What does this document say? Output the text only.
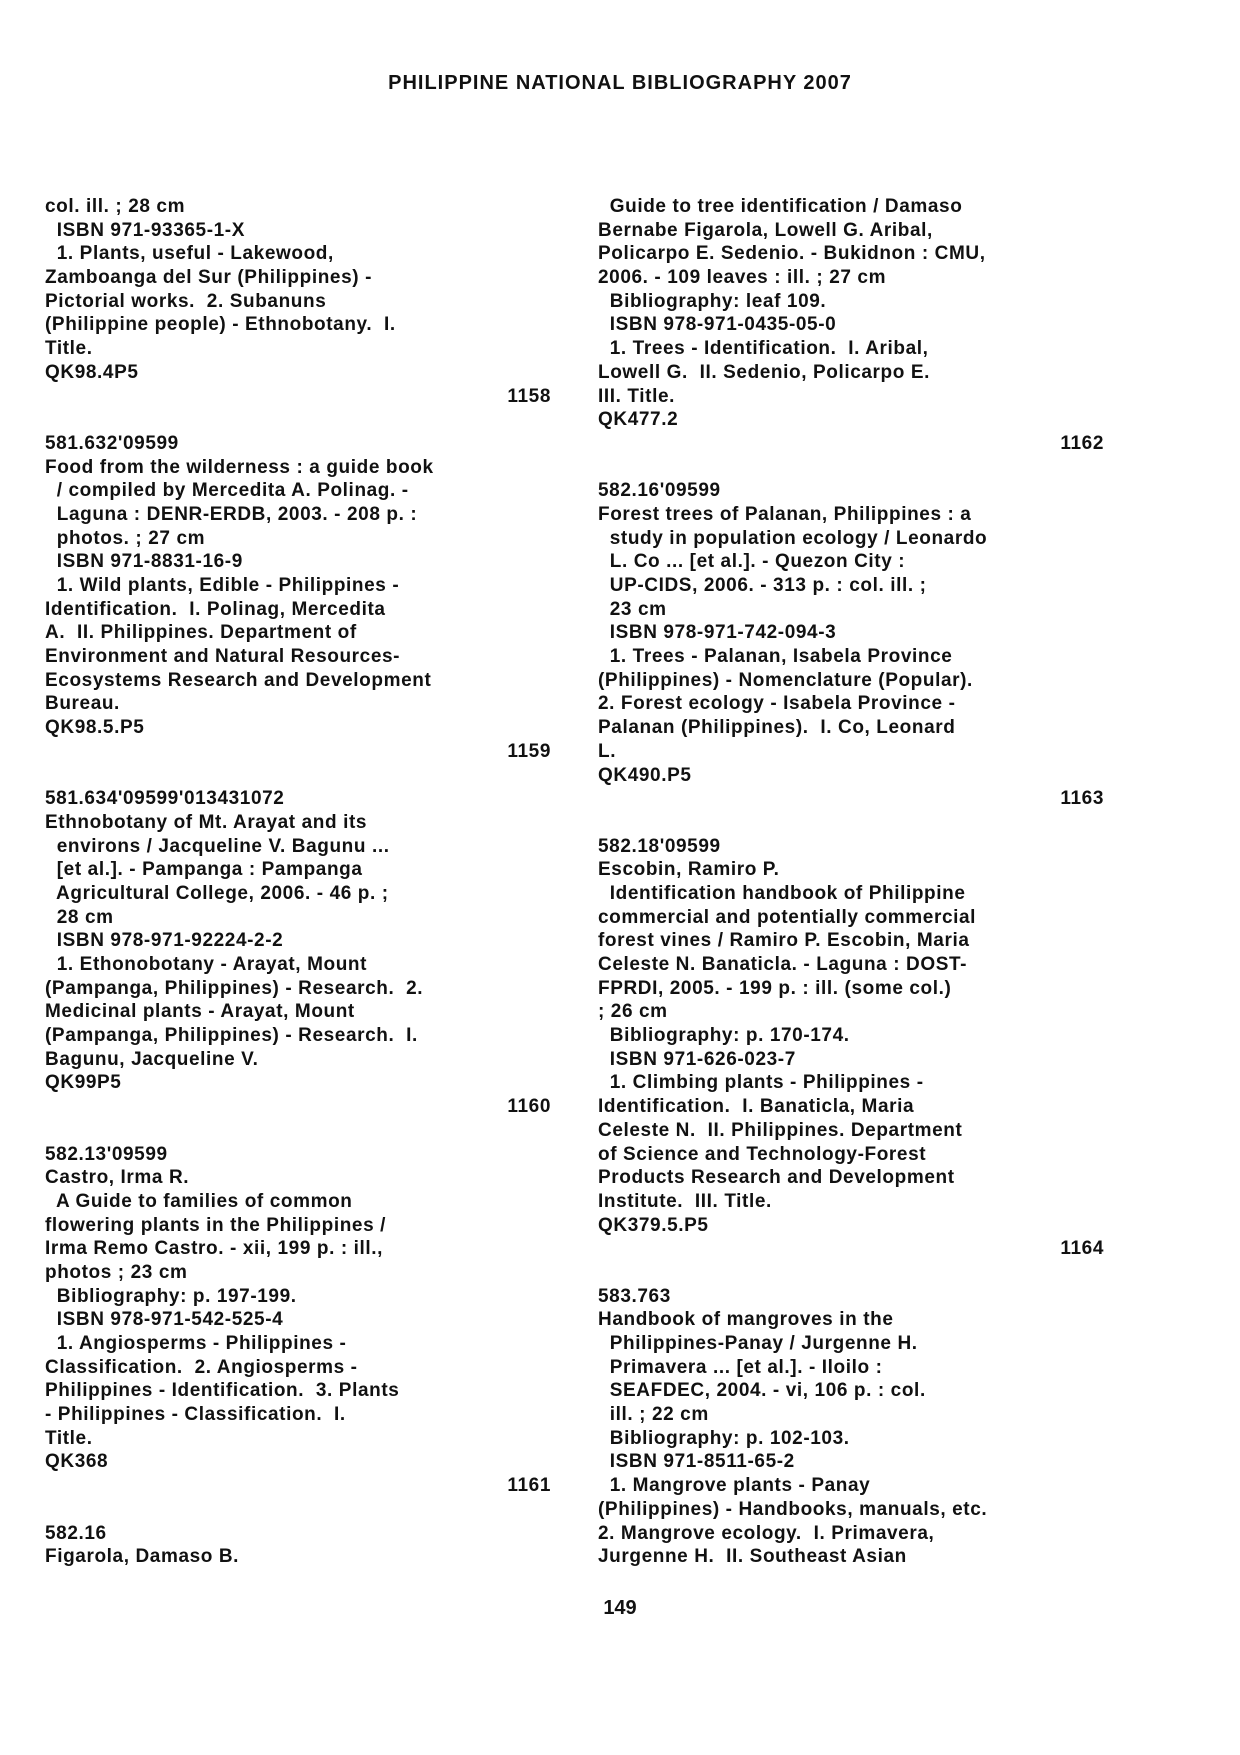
PHILIPPINE NATIONAL BIBLIOGRAPHY 2007
col. ill. ; 28 cm
ISBN 971-93365-1-X
1. Plants, useful - Lakewood,
Zamboanga del Sur (Philippines) -
Pictorial works.  2. Subanuns
(Philippine people) - Ethnobotany.  I.
Title.
QK98.4P5
1158
581.632'09599
Food from the wilderness : a guide book
/ compiled by Mercedita A. Polinag. -
Laguna : DENR-ERDB, 2003. - 208 p. :
photos. ; 27 cm
ISBN 971-8831-16-9
1. Wild plants, Edible - Philippines -
Identification.  I. Polinag, Mercedita
A.  II. Philippines. Department of
Environment and Natural Resources-
Ecosystems Research and Development
Bureau.
QK98.5.P5
1159
581.634'09599'013431072
Ethnobotany of Mt. Arayat and its
environs / Jacqueline V. Bagunu ...
[et al.]. - Pampanga : Pampanga
Agricultural College, 2006. - 46 p. ;
28 cm
ISBN 978-971-92224-2-2
1. Ethonobotany - Arayat, Mount
(Pampanga, Philippines) - Research.  2.
Medicinal plants - Arayat, Mount
(Pampanga, Philippines) - Research.  I.
Bagunu, Jacqueline V.
QK99P5
1160
582.13'09599
Castro, Irma R.
A Guide to families of common
flowering plants in the Philippines /
Irma Remo Castro. - xii, 199 p. : ill.,
photos ; 23 cm
Bibliography: p. 197-199.
ISBN 978-971-542-525-4
1. Angiosperms - Philippines -
Classification.  2. Angiosperms -
Philippines - Identification.  3. Plants
- Philippines - Classification.  I.
Title.
QK368
1161
582.16
Figarola, Damaso B.
Guide to tree identification / Damaso
Bernabe Figarola, Lowell G. Aribal,
Policarpo E. Sedenio. - Bukidnon : CMU,
2006. - 109 leaves : ill. ; 27 cm
Bibliography: leaf 109.
ISBN 978-971-0435-05-0
1. Trees - Identification.  I. Aribal,
Lowell G.  II. Sedenio, Policarpo E.
III. Title.
QK477.2
1162
582.16'09599
Forest trees of Palanan, Philippines : a
study in population ecology / Leonardo
L. Co ... [et al.]. - Quezon City :
UP-CIDS, 2006. - 313 p. : col. ill. ;
23 cm
ISBN 978-971-742-094-3
1. Trees - Palanan, Isabela Province
(Philippines) - Nomenclature (Popular).
2. Forest ecology - Isabela Province -
Palanan (Philippines).  I. Co, Leonard
L.
QK490.P5
1163
582.18'09599
Escobin, Ramiro P.
Identification handbook of Philippine
commercial and potentially commercial
forest vines / Ramiro P. Escobin, Maria
Celeste N. Banaticla. - Laguna : DOST-
FPRDI, 2005. - 199 p. : ill. (some col.)
; 26 cm
Bibliography: p. 170-174.
ISBN 971-626-023-7
1. Climbing plants - Philippines -
Identification.  I. Banaticla, Maria
Celeste N.  II. Philippines. Department
of Science and Technology-Forest
Products Research and Development
Institute.  III. Title.
QK379.5.P5
1164
583.763
Handbook of mangroves in the
Philippines-Panay / Jurgenne H.
Primavera ... [et al.]. - Iloilo :
SEAFDEC, 2004. - vi, 106 p. : col.
ill. ; 22 cm
Bibliography: p. 102-103.
ISBN 971-8511-65-2
1. Mangrove plants - Panay
(Philippines) - Handbooks, manuals, etc.
2. Mangrove ecology.  I. Primavera,
Jurgenne H.  II. Southeast Asian
149
